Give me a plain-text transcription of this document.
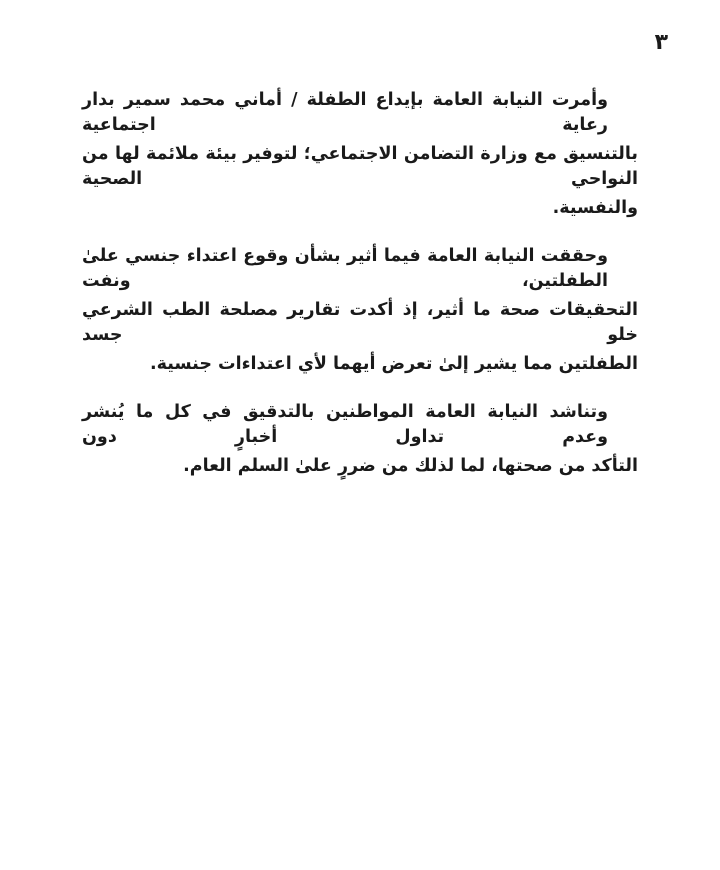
٣
وأمرت النيابة العامة بإيداع الطفلة / أماني محمد سمير بدار رعاية اجتماعية
بالتنسيق مع وزارة التضامن الاجتماعي؛ لتوفير بيئة ملائمة لها من النواحي الصحية
والنفسية.
وحققت النيابة العامة فيما أثير بشأن وقوع اعتداء جنسي علىٰ الطفلتين، ونفت
التحقيقات صحة ما أثير، إذ أكدت تقارير مصلحة الطب الشرعي خلو جسد
الطفلتين مما يشير إلىٰ تعرض أيهما لأي اعتداءات جنسية.
وتناشد النيابة العامة المواطنين بالتدقيق في كل ما يُنشر وعدم تداول أخبارٍ دون
التأكد من صحتها، لما لذلك من ضررٍ علىٰ السلم العام.
